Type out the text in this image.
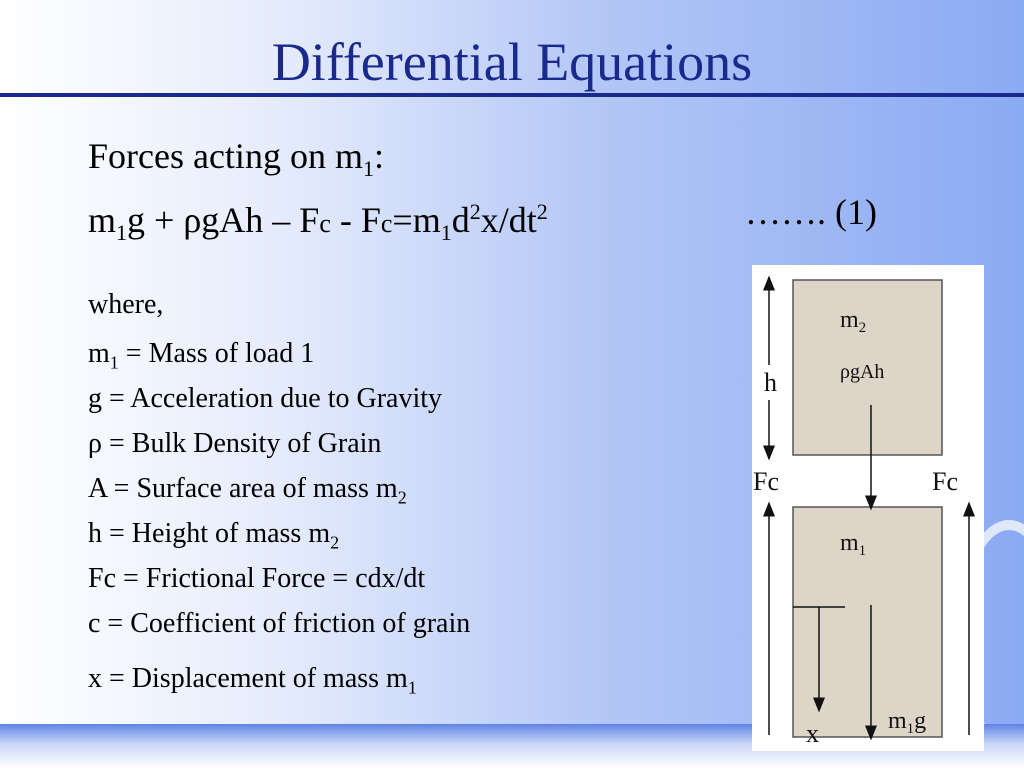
Differential Equations
Forces acting on $m_1$:
$m_1g + \rho gAh - Fc - Fc=m_1d^2x/dt^2$	……. (1)
where,
$m_1$ = Mass of load 1
g = Acceleration due to Gravity
ρ = Bulk Density of Grain
A = Surface area of mass $m_2$
h = Height of mass $m_2$
Fc = Frictional Force = cdx/dt
c = Coefficient of friction of grain
x = Displacement of mass $m_1$
h
$m_2$
ρgAh
Fc	Fc
$m_1$
x	$m_1g$
